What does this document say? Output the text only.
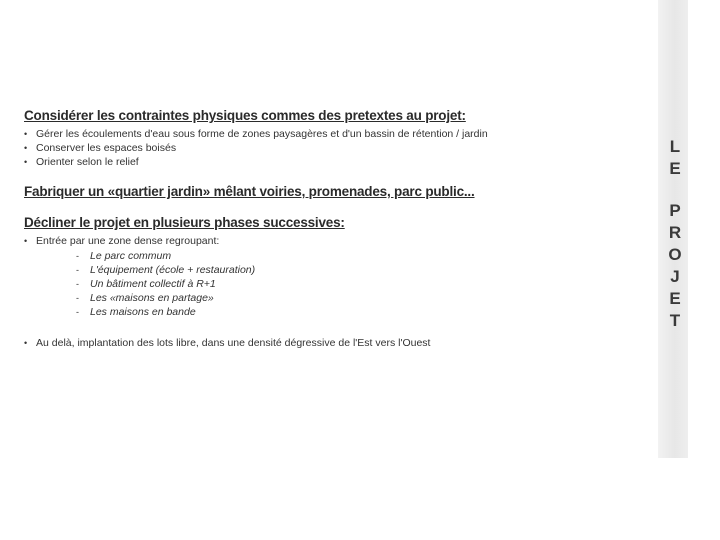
L
E
P
R
O
J
E
T
Considérer les contraintes physiques commes des pretextes au projet:
• Gérer les écoulements d'eau sous forme de zones paysagères et d'un bassin de rétention / jardin
• Conserver les espaces boisés
• Orienter selon le relief
Fabriquer un «quartier jardin» mêlant voiries, promenades, parc public...
Décliner le projet en plusieurs phases successives:
• Entrée par une zone dense regroupant:
- Le parc commum
- L'équipement (école + restauration)
- Un bâtiment collectif à R+1
- Les «maisons en partage»
- Les maisons en bande
• Au delà, implantation des lots libre, dans une densité dégressive de l'Est vers l'Ouest
